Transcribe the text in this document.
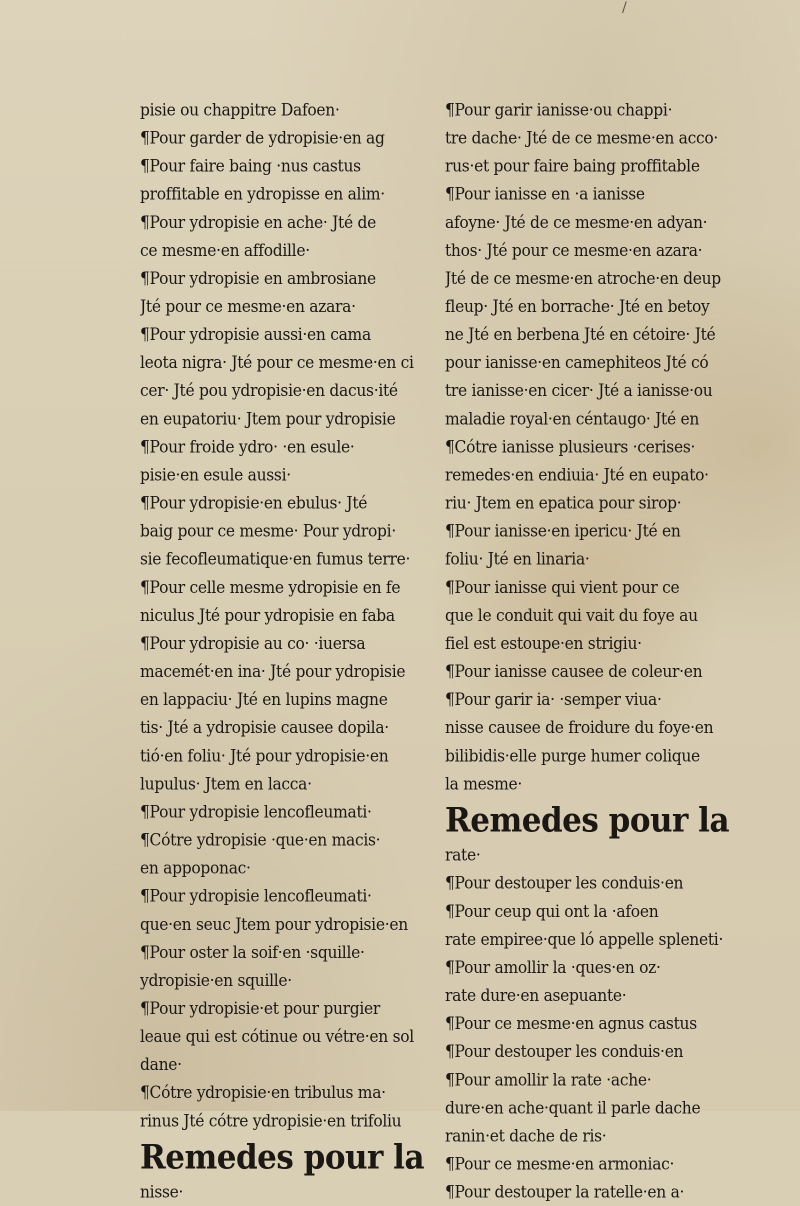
/
pisie ou chappitre Dafoen·
¶Pour garder de ydropisie·en ag
¶Pour faire baing ·nus castus
proffitable en ydropisse en alim·
¶Pour ydropisie en ache· Jté de
ce mesme·en affodille·
¶Pour ydropisie en ambrosiane
Jté pour ce mesme·en azara·
¶Pour ydropisie aussi·en cama
leota nigra· Jté pour ce mesme·en ci
cer· Jté pou ydropisie·en dacus·ité
en eupatoriu· Jtem pour ydropisie
¶Pour froide ydro· ·en esule·
pisie·en esule aussi·
¶Pour ydropisie·en ebulus· Jté
baig pour ce mesme· Pour ydropi·
sie fecofleumatique·en fumus terre·
¶Pour celle mesme ydropisie en fe
niculus Jté pour ydropisie en faba
¶Pour ydropisie au co· ·iuersa
macemét·en ina· Jté pour ydropisie
en lappaciu· Jté en lupins magne
tis· Jté a ydropisie causee dopila·
tió·en foliu· Jté pour ydropisie·en
lupulus· Jtem en lacca·
¶Pour ydropisie lencofleumati·
¶Cótre ydropisie ·que·en macis·
en appoponac·
¶Pour ydropisie lencofleumati·
que·en seuc Jtem pour ydropisie·en
¶Pour oster la soif·en ·squille·
ydropisie·en squille·
¶Pour ydropisie·et pour purgier
leaue qui est cótinue ou vétre·en sol
dane·
¶Cótre ydropisie·en tribulus ma·
rinus Jté cótre ydropisie·en trifoliu
Remedes pour la
nisse·
¶Pour garir ianisse·ou chappi·
tre dache· Jté de ce mesme·en acco·
rus·et pour faire baing proffitable
¶Pour ianisse en ·a ianisse
afoyne· Jté de ce mesme·en adyan·
thos· Jté pour ce mesme·en azara·
Jté de ce mesme·en atroche·en deup
fleup· Jté en borrache· Jté en betoy
ne Jté en berbena Jté en cétoire· Jté
pour ianisse·en camephiteos Jté có
tre ianisse·en cicer· Jté a ianisse·ou
maladie royal·en céntaugo· Jté en
¶Cótre ianisse plusieurs ·cerises·
remedes·en endiuia· Jté en eupato·
riu· Jtem en epatica pour sirop·
¶Pour ianisse·en ipericu· Jté en
foliu· Jté en linaria·
¶Pour ianisse qui vient pour ce
que le conduit qui vait du foye au
fiel est estoupe·en strigiu·
¶Pour ianisse causee de coleur·en
¶Pour garir ia· ·semper viua·
nisse causee de froidure du foye·en
bilibidis·elle purge humer colique
la mesme·
Remedes pour la
rate·
¶Pour destouper les conduis·en
¶Pour ceup qui ont la ·afoen
rate empiree·que ló appelle spleneti·
¶Pour amollir la ·ques·en oz·
rate dure·en asepuante·
¶Pour ce mesme·en agnus castus
¶Pour destouper les conduis·en
¶Pour amollir la rate ·ache·
dure·en ache·quant il parle dache
ranin·et dache de ris·
¶Pour ce mesme·en armoniac·
¶Pour destouper la ratelle·en a·
